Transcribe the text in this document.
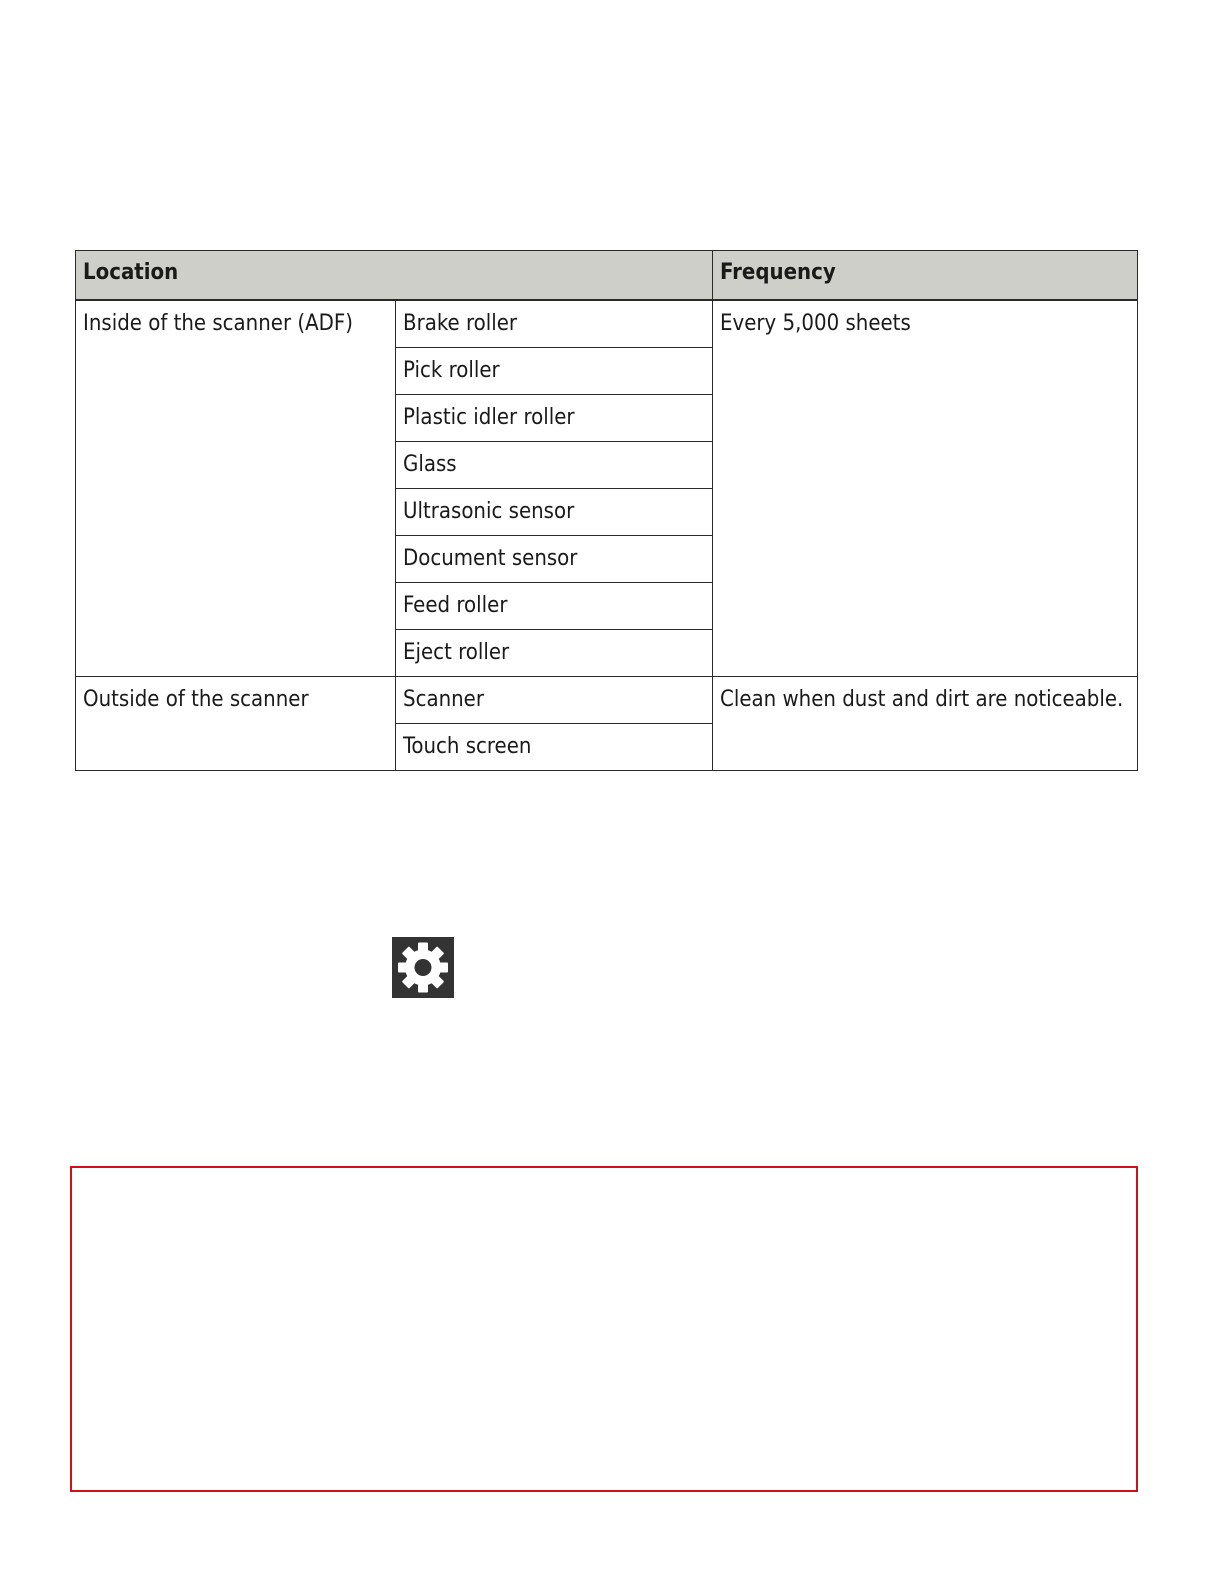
Location		Frequency
Inside of the scanner (ADF)	Brake roller	Every 5,000 sheets
	Pick roller	
	Plastic idler roller	
	Glass	
	Ultrasonic sensor	
	Document sensor	
	Feed roller	
	Eject roller	
Outside of the scanner	Scanner	Clean when dust and dirt are noticeable.
	Touch screen	
